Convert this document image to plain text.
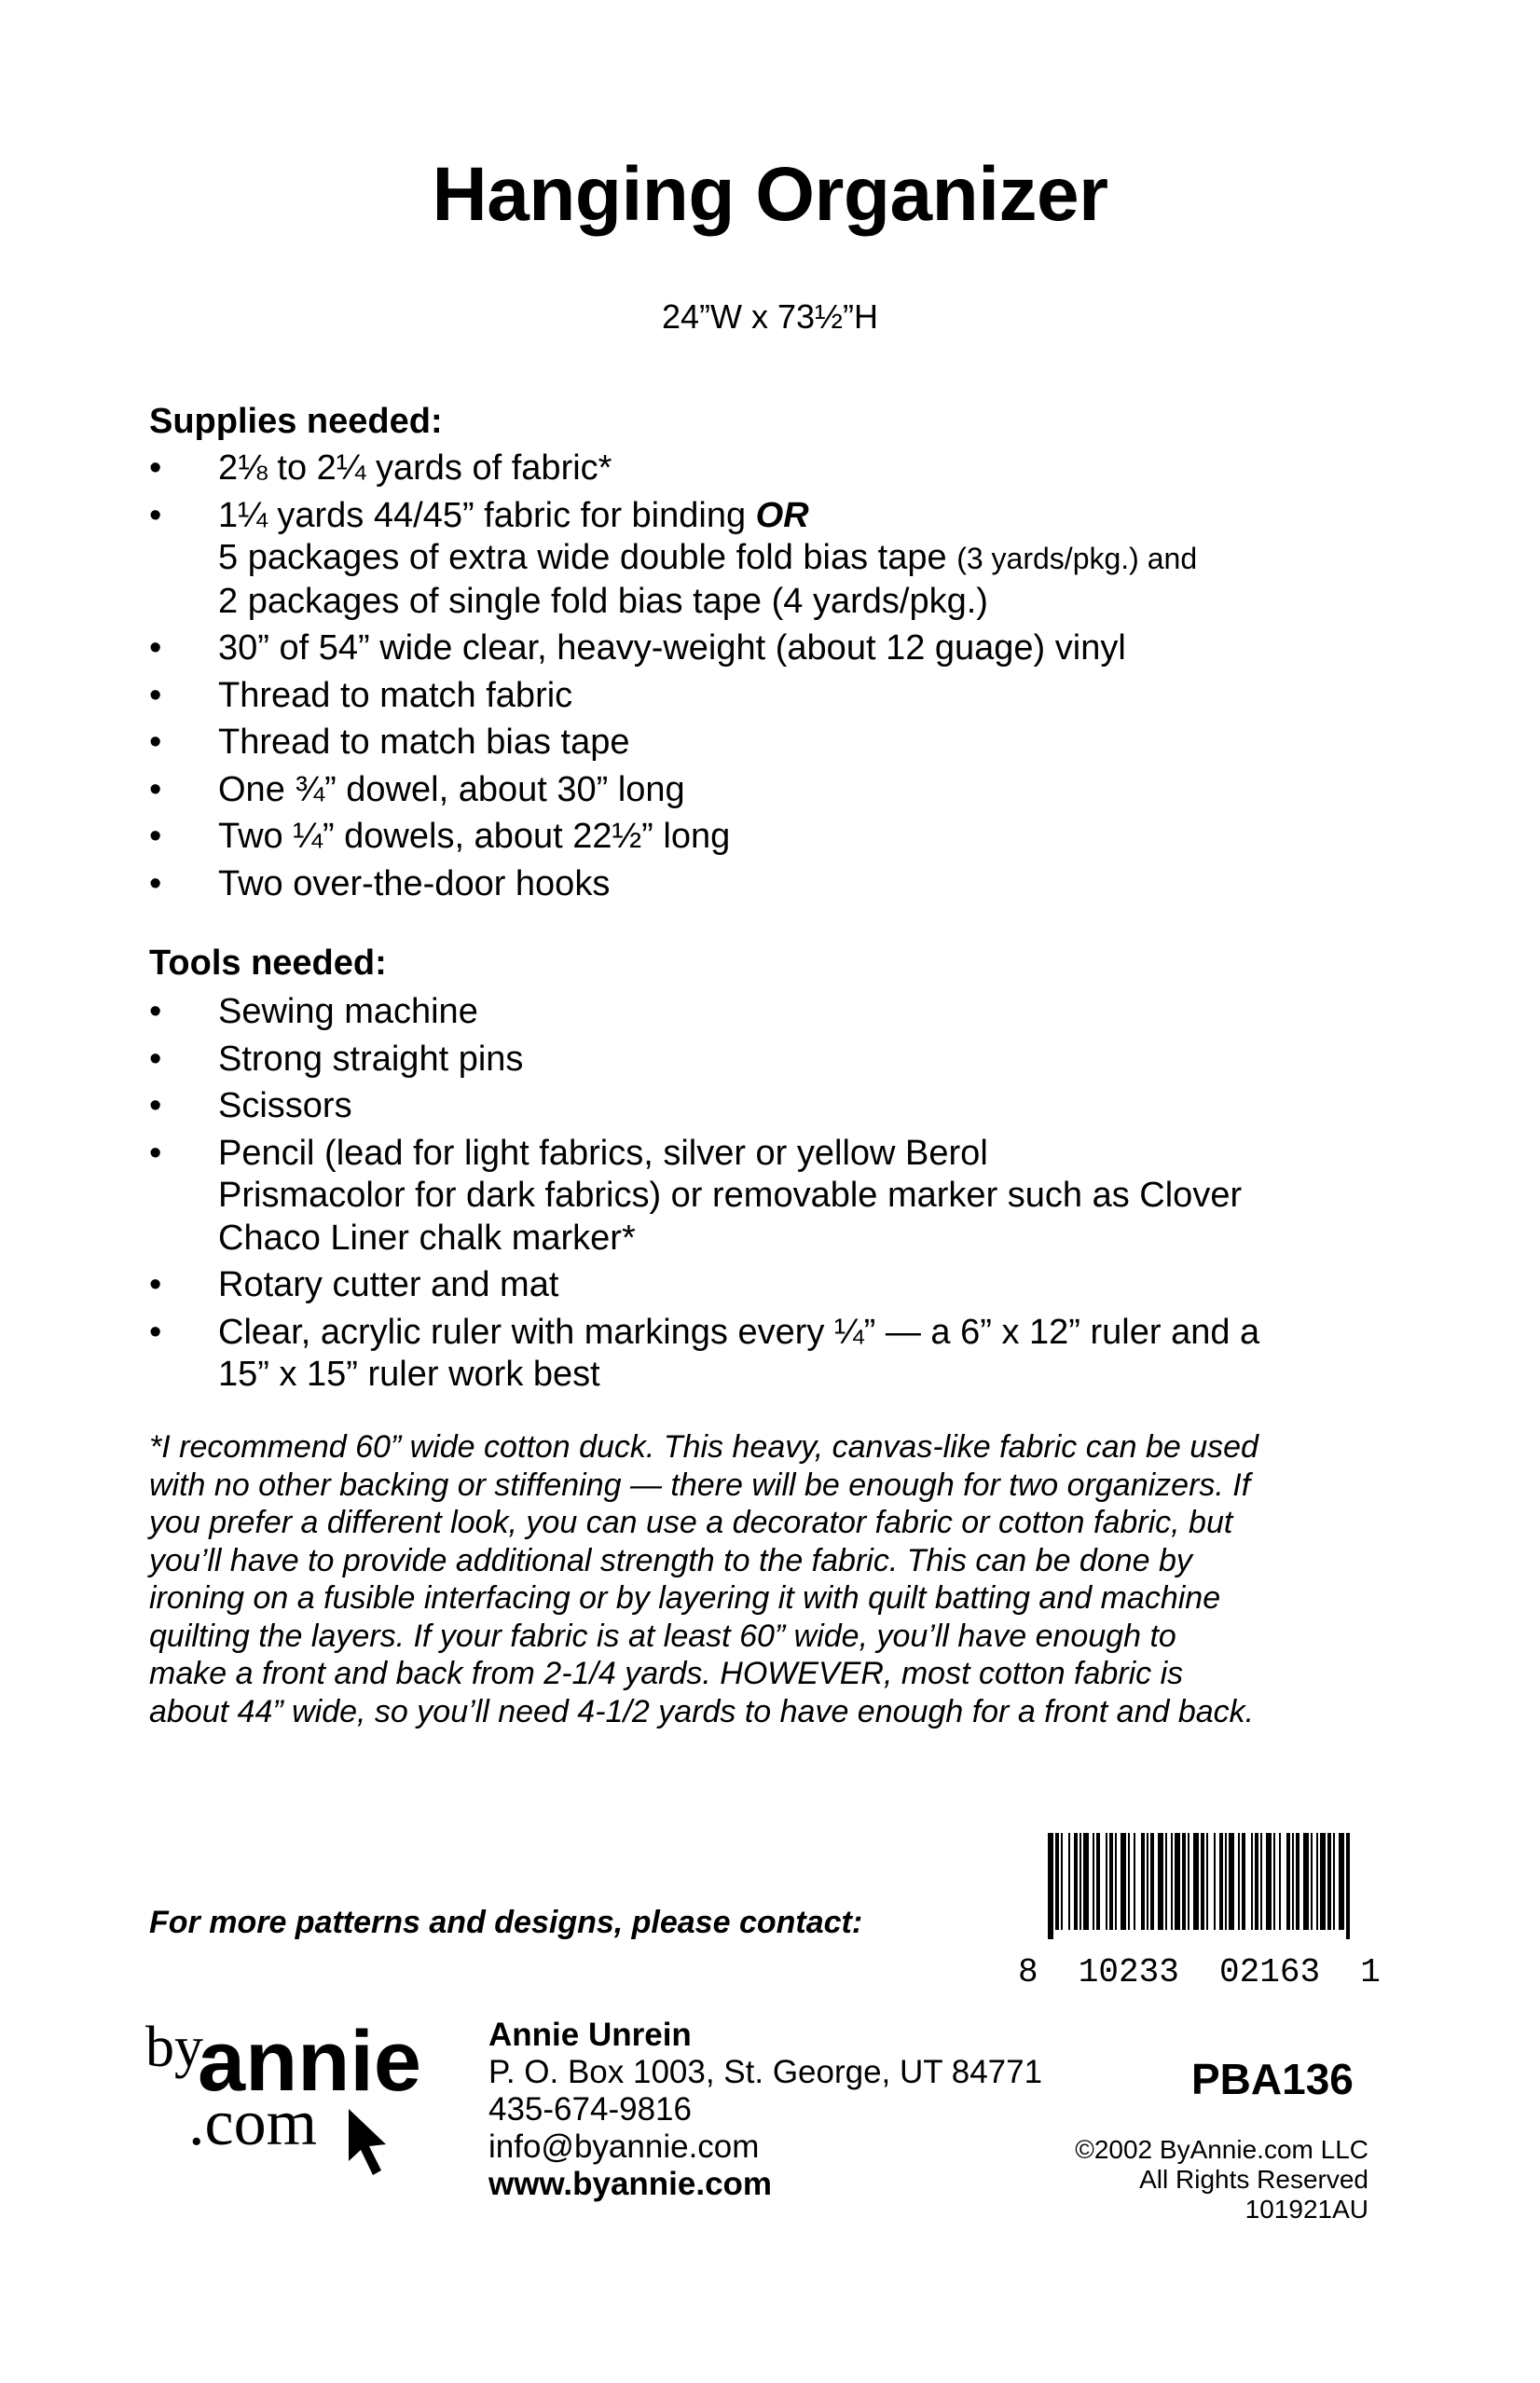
Hanging Organizer
24”W x 73½”H
Supplies needed:
•	2⅛ to 2¼ yards of fabric*
•	1¼ yards 44/45” fabric for binding OR
5 packages of extra wide double fold bias tape (3 yards/pkg.) and
2 packages of single fold bias tape (4 yards/pkg.)
•	30” of 54” wide clear, heavy-weight (about 12 guage) vinyl
•	Thread to match fabric
•	Thread to match bias tape
•	One ¾” dowel, about 30” long
•	Two ¼” dowels, about 22½” long
•	Two over-the-door hooks
Tools needed:
•	Sewing machine
•	Strong straight pins
•	Scissors
•	Pencil (lead for light fabrics, silver or yellow Berol
Prismacolor for dark fabrics) or removable marker such as Clover
Chaco Liner chalk marker*
•	Rotary cutter and mat
•	Clear, acrylic ruler with markings every ¼” — a 6” x 12” ruler and a
15” x 15” ruler work best
*I recommend 60” wide cotton duck. This heavy, canvas-like fabric can be used
with no other backing or stiffening — there will be enough for two organizers. If
you prefer a different look, you can use a decorator fabric or cotton fabric, but
you’ll have to provide additional strength to the fabric. This can be done by
ironing on a fusible interfacing or by layering it with quilt batting and machine
quilting the layers. If your fabric is at least 60” wide, you’ll have enough to
make a front and back from 2-1/4 yards. HOWEVER, most cotton fabric is
about 44” wide, so you’ll need 4-1/2 yards to have enough for a front and back.
For more patterns and designs, please contact:
8  10233  02163  1
by
annie
.com
Annie Unrein
P. O. Box 1003, St. George, UT 84771
435-674-9816
info@byannie.com
www.byannie.com
PBA136
©2002 ByAnnie.com LLC
All Rights Reserved
101921AU
